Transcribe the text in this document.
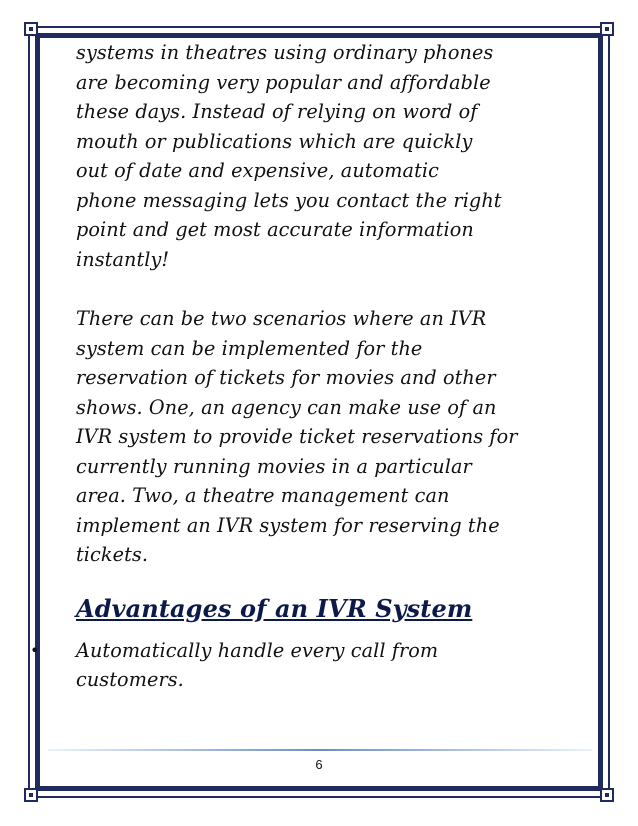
systems in theatres using ordinary phones
are becoming very popular and affordable
these days. Instead of relying on word of
mouth or publications which are quickly
out of date and expensive, automatic
phone messaging lets you contact the right
point and get most accurate information
instantly!
There can be two scenarios where an IVR
system can be implemented for the
reservation of tickets for movies and other
shows. One, an agency can make use of an
IVR system to provide ticket reservations for
currently running movies in a particular
area. Two, a theatre management can
implement an IVR system for reserving the
tickets.
Advantages of an IVR System
• Automatically handle every call from
customers.
6
